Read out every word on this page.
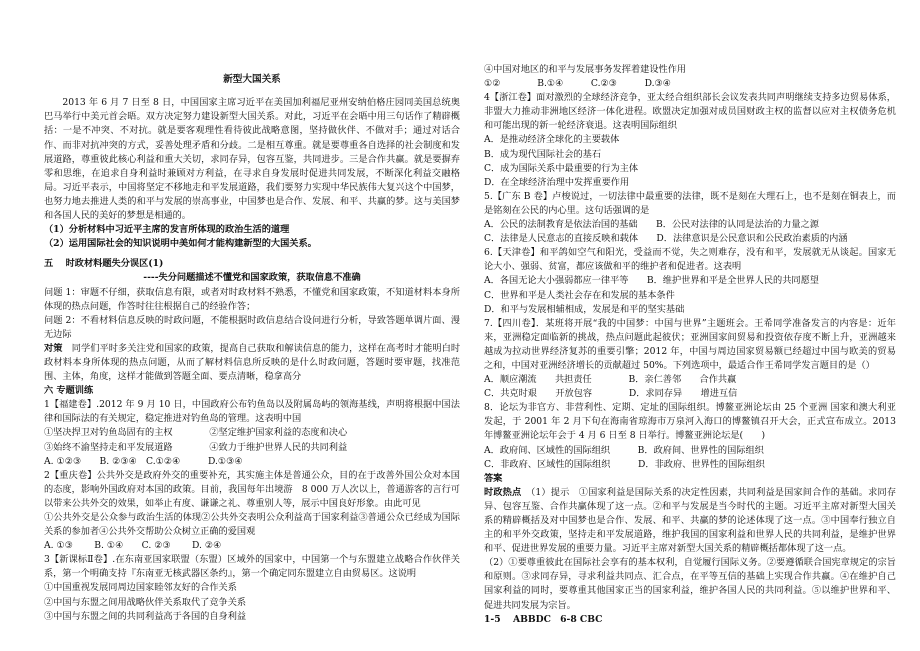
新型大国关系

2013 年 6 月 7 日至 8 日，中国国家主席习近平在美国加利福尼亚州安纳伯格庄园同美国总统奥巴马举行中美元首会晤。双方决定努力建设新型大国关系。对此，习近平在会晤中用三句话作了精辟概括：一是不冲突、不对抗。就是要客观理性看待彼此战略意图，坚持做伙伴、不做对手；通过对话合作、而非对抗冲突的方式，妥善处理矛盾和分歧。二是相互尊重。就是要尊重各自选择的社会制度和发展道路，尊重彼此核心利益和重大关切，求同存异，包容互鉴，共同进步。三是合作共赢。就是要摒弃零和思维，在追求自身利益时兼顾对方利益，在寻求自身发展时促进共同发展，不断深化利益交融格局。习近平表示，中国将坚定不移地走和平发展道路，我们要努力实现中华民族伟大复兴这个中国梦，也努力地去推进人类的和平与发展的崇高事业，中国梦也是合作、发展、和平、共赢的梦。这与美国梦和各国人民的美好的梦想是相通的。

（1）分析材料中习近平主席的发言所体现的政治生活的道理

（2）运用国际社会的知识说明中美如何才能构建新型的大国关系。

五　 时政材料题失分误区(1)

----失分问题描述不懂党和国家政策，获取信息不准确

问题 1：审题不仔细，获取信息有限，或者对时政材料不熟悉，不懂党和国家政策，不知道材料本身所体现的热点问题，作答时往往根据自己的经验作答；

问题 2：不看材料信息反映的时政问题，不能根据时政信息结合设问进行分析，导致答题单调片面、漫无边际

对策　 同学们平时多关注党和国家的政策，提高自己获取和解读信息的能力，这样在高考时才能明白时政材料本身所体现的热点问题，从而了解材料信息所反映的是什么时政问题，答题时要审题，找准范围、主体，角度，这样才能做到答题全面、要点清晰，稳拿高分

六 专题训练

1【福建卷】.2012 年 9 月 10 日，中国政府公布钓鱼岛以及附属岛屿的领海基线，声明将根据中国法律和国际法的有关规定，稳定推进对钓鱼岛的管理。这表明中国

①坚决捍卫对钓鱼岛固有的主权　　　　②坚定维护国家利益的态度和决心

③始终不渝坚持走和平发展道路　　　　④致力于维护世界人民的共同利益

A. ①②③　　B. ②③④　C.①②④　　　D.①③④

2【重庆卷】公共外交是政府外交的重要补充，其实施主体是普通公众，目的在于改善外国公众对本国的态度，影响外国政府对本国的政策。目前，我国每年出境游　8 000 万人次以上，普通游客的言行可以带来公共外交的效果，如举止有度、谦谦之礼、尊重别人等，展示中国良好形象。由此可见

①公共外交是公众参与政治生活的体现②公共外交表明公众利益高于国家利益③普通公众已经成为国际关系的参加者④公共外交帮助公众树立正确的爱国观

A. ①③　　 B. ①④　　C. ②③　　 D. ②④

3【新课标Ⅱ卷】.在东南亚国家联盟（东盟）区域外的国家中，中国第一个与东盟建立战略合作伙伴关系，第一个明确支持『东南亚无核武器区条约』，第一个确定同东盟建立自由贸易区。这说明

①中国重视发展同周边国家睦邻友好的合作关系

②中国与东盟之间用战略伙伴关系取代了竞争关系

③中国与东盟之间的共同利益高于各国的自身利益

④中国对地区的和平与发展事务发挥着建设性作用

①②　　　　B.①④　　　C.②③　　　D.③④

4【浙江卷】面对激烈的全球经济竞争，亚太经合组织部长会议发表共同声明继续支持多边贸易体系，非盟大力推动非洲地区经济一体化进程。欧盟决定加强对成员国财政主权的监督以应对主权债务危机和可能出现的新一轮经济衰退。这表明国际组织

A．是推动经济全球化的主要载体

B．成为现代国际社会的基石

C．成为国际关系中最重要的行为主体

D．在全球经济治理中发挥重要作用

5.【广东 B 卷】卢梭说过，一切法律中最重要的法律，既不是刻在大理石上，也不是刻在铜表上，而是铭刻在公民的内心里。这句话强调的是

A．公民的法制教育是依法治国的基础　　B．公民对法律的认同是法治的力量之源

C．法律是人民意志的直接反映和载体　　D．法律意识是公民意识和公民政治素质的内涵

6.【天津卷】和平鸽如空气和阳光，受益而不觉，失之则难存，没有和平，发展就无从谈起。国家无论大小、强弱、贫富，都应该做和平的维护者和促进者。这表明

A．各国无论大小强弱都应一律平等　　B．维护世界和平是全世界人民的共同愿望

C．世界和平是人类社会存在和发展的基本条件

D．和平与发展相辅相成，发展是和平的坚实基础

7.【四川卷】．某班将开展“我的中国梦：中国与世界”主题班会。王希同学准备发言的内容是：近年来，亚洲稳定面临新的挑战，热点问题此起彼伏；亚洲国家间贸易和投资依存度不断上升，亚洲越来越成为拉动世界经济复苏的重要引擎；2012 年，中国与周边国家贸易额已经超过中国与欧美的贸易之和，中国对亚洲经济增长的贡献超过 50%。下列选项中，最适合作王希同学发言题目的是（）

A．顺应潮流　　共担责任　　　　B．亲仁善邻　　合作共赢

C．共克时艰　　开放包容　　　　D．求同存异　　增进互信

8．论坛为非官方、非营利性、定期、定址的国际组织。博鳌亚洲论坛由 25 个亚洲 国家和澳大利亚发起，于 2001 年 2 月下旬在海南省琼海市万泉河入海口的博鳌镇召开大会，正式宣布成立。2013 年博鳌亚洲论坛年会于 4 月 6 日至 8 日举行。博鳌亚洲论坛是(　　)

A．政府间、区域性的国际组织　　　B．政府间、世界性的国际组织

C．非政府、区域性的国际组织　　　D．非政府、世界性的国际组织

答案

时政热点　 （1）提示　①国家利益是国际关系的决定性因素，共同利益是国家间合作的基础。求同存异、包容互鉴、合作共赢体现了这一点。②和平与发展是当今时代的主题。习近平主席对新型大国关系的精辟概括及对中国梦也是合作、发展、和平、共赢的梦的论述体现了这一点。③中国奉行独立自主的和平外交政策，坚持走和平发展道路，维护我国的国家利益和世界人民的共同利益，是维护世界和平、促进世界发展的重要力量。习近平主席对新型大国关系的精辟概括都体现了这一点。

（2）①要尊重彼此在国际社会享有的基本权利，自觉履行国际义务。②要遵循联合国宪章规定的宗旨和原则。③求同存异，寻求利益共同点、汇合点，在平等互信的基础上实现合作共赢。④在维护自己国家利益的同时，要尊重其他国家正当的国家利益，维护各国人民的共同利益。⑤以维护世界和平、促进共同发展为宗旨。

1-5　 ABBDC　6-8 CBC
